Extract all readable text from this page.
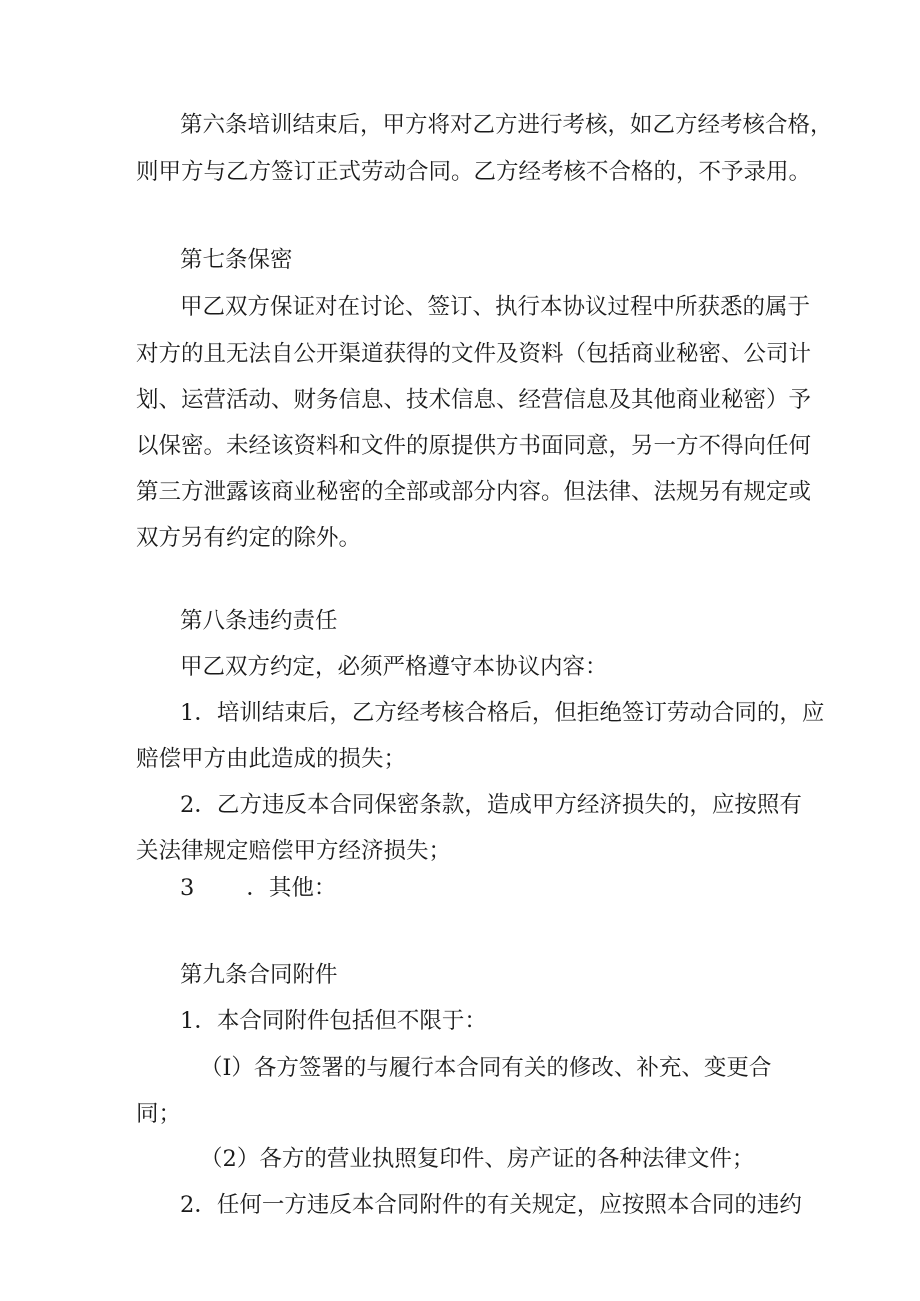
第六条培训结束后，甲方将对乙方进行考核，如乙方经考核合格，

则甲方与乙方签订正式劳动合同。乙方经考核不合格的，不予录用。

第七条保密

甲乙双方保证对在讨论、签订、执行本协议过程中所获悉的属于

对方的且无法自公开渠道获得的文件及资料（包括商业秘密、公司计

划、运营活动、财务信息、技术信息、经营信息及其他商业秘密）予

以保密。未经该资料和文件的原提供方书面同意，另一方不得向任何

第三方泄露该商业秘密的全部或部分内容。但法律、法规另有规定或

双方另有约定的除外。

第八条违约责任

甲乙双方约定，必须严格遵守本协议内容：

1．培训结束后，乙方经考核合格后，但拒绝签订劳动合同的，应

赔偿甲方由此造成的损失；

2．乙方违反本合同保密条款，造成甲方经济损失的，应按照有

关法律规定赔偿甲方经济损失；

3 ．其他：

第九条合同附件

1．本合同附件包括但不限于：

（I）各方签署的与履行本合同有关的修改、补充、变更合

同；

（2）各方的营业执照复印件、房产证的各种法律文件；

2．任何一方违反本合同附件的有关规定，应按照本合同的违约
